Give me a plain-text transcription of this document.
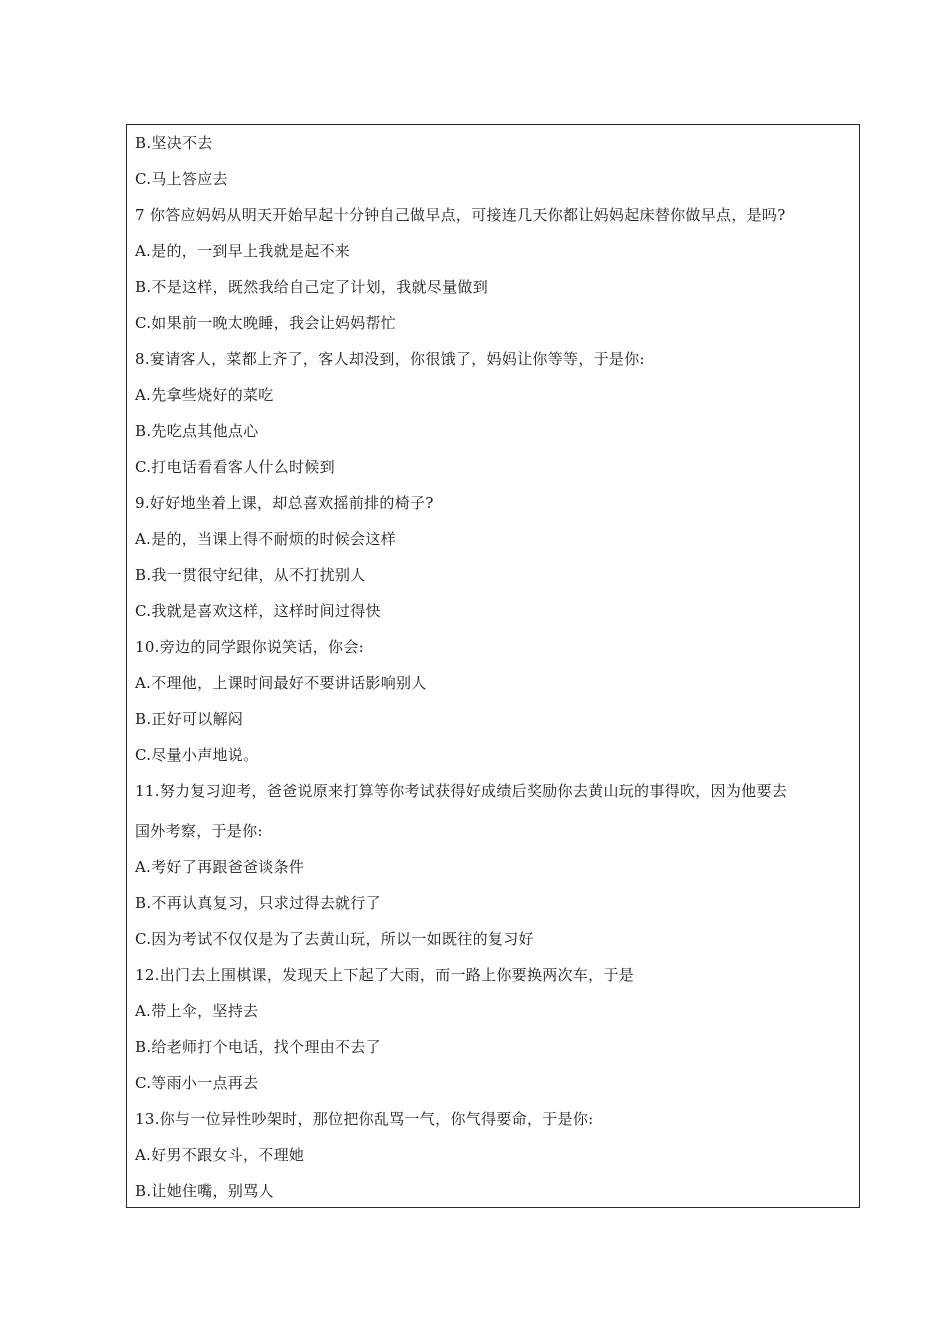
B.坚决不去
C.马上答应去
7 你答应妈妈从明天开始早起十分钟自己做早点，可接连几天你都让妈妈起床替你做早点，是吗?
A.是的，一到早上我就是起不来
B.不是这样，既然我给自己定了计划，我就尽量做到
C.如果前一晚太晚睡，我会让妈妈帮忙
8.宴请客人，菜都上齐了，客人却没到，你很饿了，妈妈让你等等，于是你:
A.先拿些烧好的菜吃
B.先吃点其他点心
C.打电话看看客人什么时候到
9.好好地坐着上课，却总喜欢摇前排的椅子?
A.是的，当课上得不耐烦的时候会这样
B.我一贯很守纪律，从不打扰别人
C.我就是喜欢这样，这样时间过得快
10.旁边的同学跟你说笑话，你会:
A.不理他，上课时间最好不要讲话影响别人
B.正好可以解闷
C.尽量小声地说。
11.努力复习迎考，爸爸说原来打算等你考试获得好成绩后奖励你去黄山玩的事得吹，因为他要去
国外考察，于是你:
A.考好了再跟爸爸谈条件
B.不再认真复习，只求过得去就行了
C.因为考试不仅仅是为了去黄山玩，所以一如既往的复习好
12.出门去上围棋课，发现天上下起了大雨，而一路上你要换两次车，于是
A.带上伞，坚持去
B.给老师打个电话，找个理由不去了
C.等雨小一点再去
13.你与一位异性吵架时，那位把你乱骂一气，你气得要命，于是你:
A.好男不跟女斗，不理她
B.让她住嘴，别骂人
